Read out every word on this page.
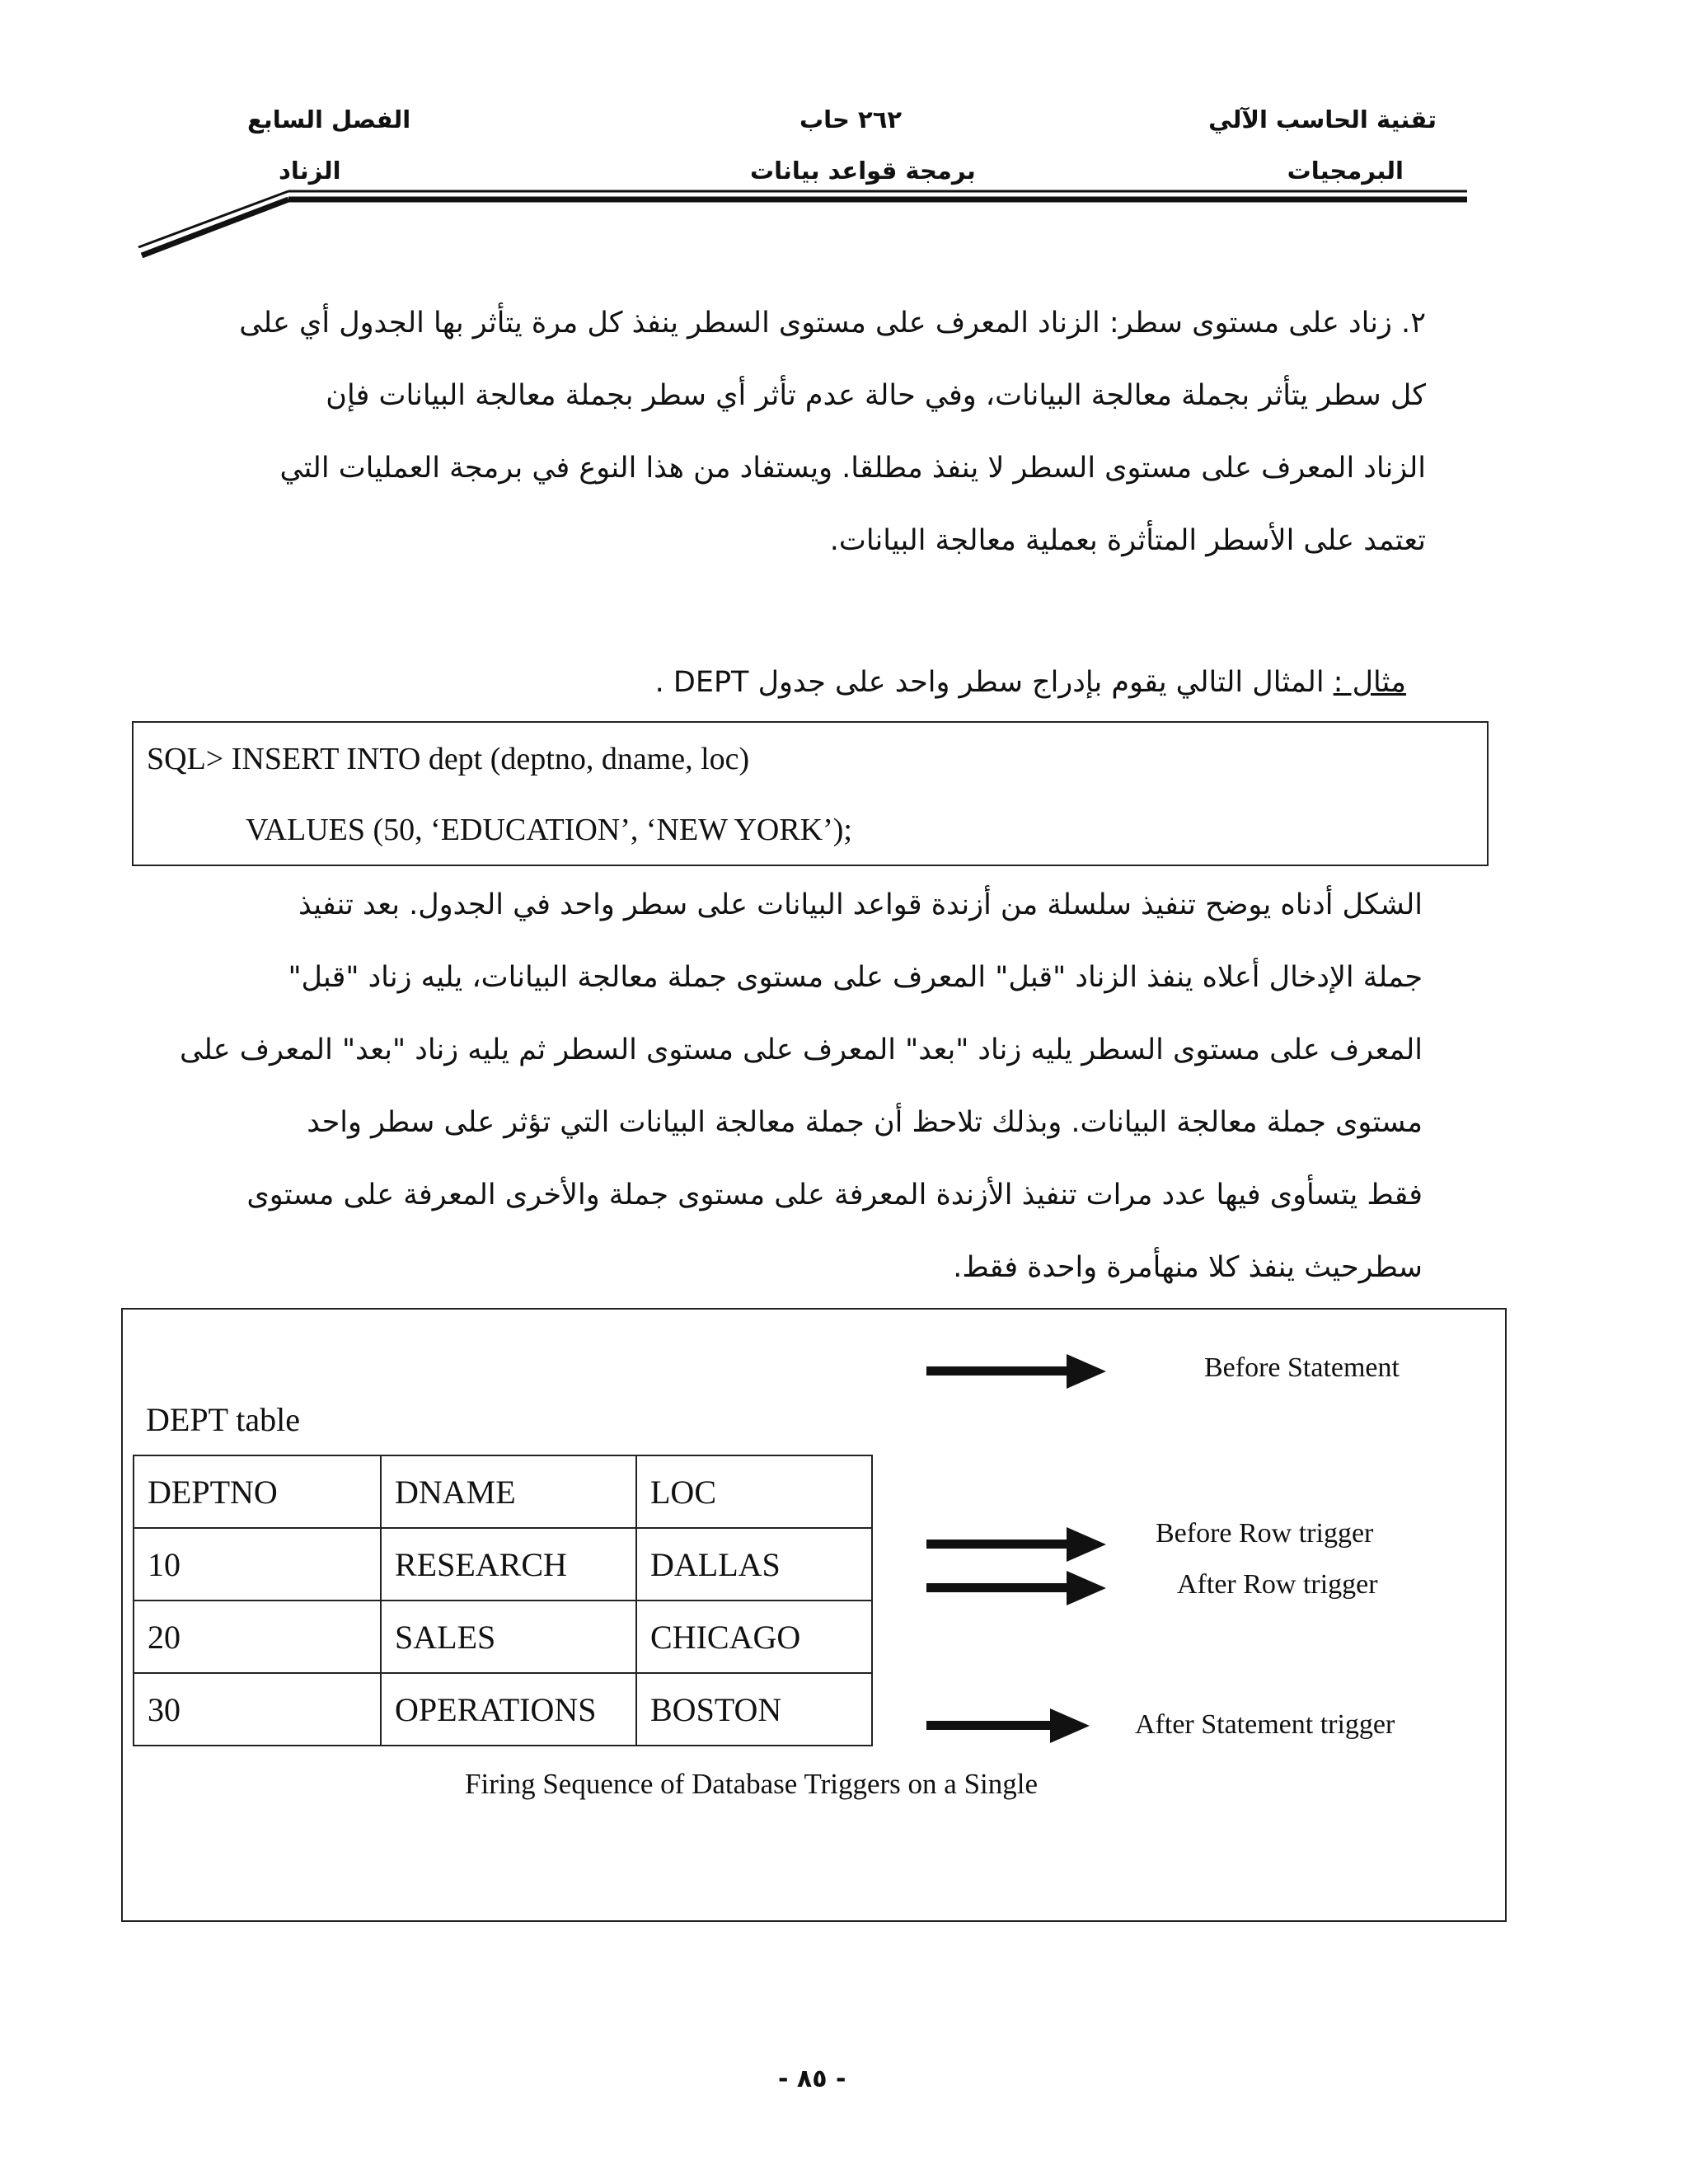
تقنية الحاسب الآلي
البرمجيات
٢٦٢ حاب
برمجة قواعد بيانات
الفصل السابع
الزناد
٢. زناد على مستوى سطر: الزناد المعرف على مستوى السطر ينفذ كل مرة يتأثر بها الجدول أي على
كل سطر يتأثر بجملة معالجة البيانات، وفي حالة عدم تأثر أي سطر بجملة معالجة البيانات فإن
الزناد المعرف على مستوى السطر لا ينفذ مطلقا. ويستفاد من هذا النوع في برمجة العمليات التي
تعتمد على الأسطر المتأثرة بعملية معالجة البيانات.
مثال : المثال التالي يقوم بإدراج سطر واحد على جدول DEPT .
SQL> INSERT INTO dept (deptno, dname, loc)
VALUES (50, ‘EDUCATION’, ‘NEW YORK’);
الشكل أدناه يوضح تنفيذ سلسلة من أزندة قواعد البيانات على سطر واحد في الجدول. بعد تنفيذ
جملة الإدخال أعلاه ينفذ الزناد "قبل" المعرف على مستوى جملة معالجة البيانات، يليه زناد "قبل"
المعرف على مستوى السطر يليه زناد "بعد" المعرف على مستوى السطر ثم يليه زناد "بعد" المعرف على
مستوى جملة معالجة البيانات. وبذلك تلاحظ أن جملة معالجة البيانات التي تؤثر على سطر واحد
فقط يتسأوى فيها عدد مرات تنفيذ الأزندة المعرفة على مستوى جملة والأخرى المعرفة على مستوى
سطرحيث ينفذ كلا منهأمرة واحدة فقط.
DEPT table
DEPTNO	DNAME	LOC
10	RESEARCH	DALLAS
20	SALES	CHICAGO
30	OPERATIONS	BOSTON
Before Statement
Before Row trigger
After Row trigger
After Statement trigger
Firing Sequence of Database Triggers on a Single
- ٨٥ -
